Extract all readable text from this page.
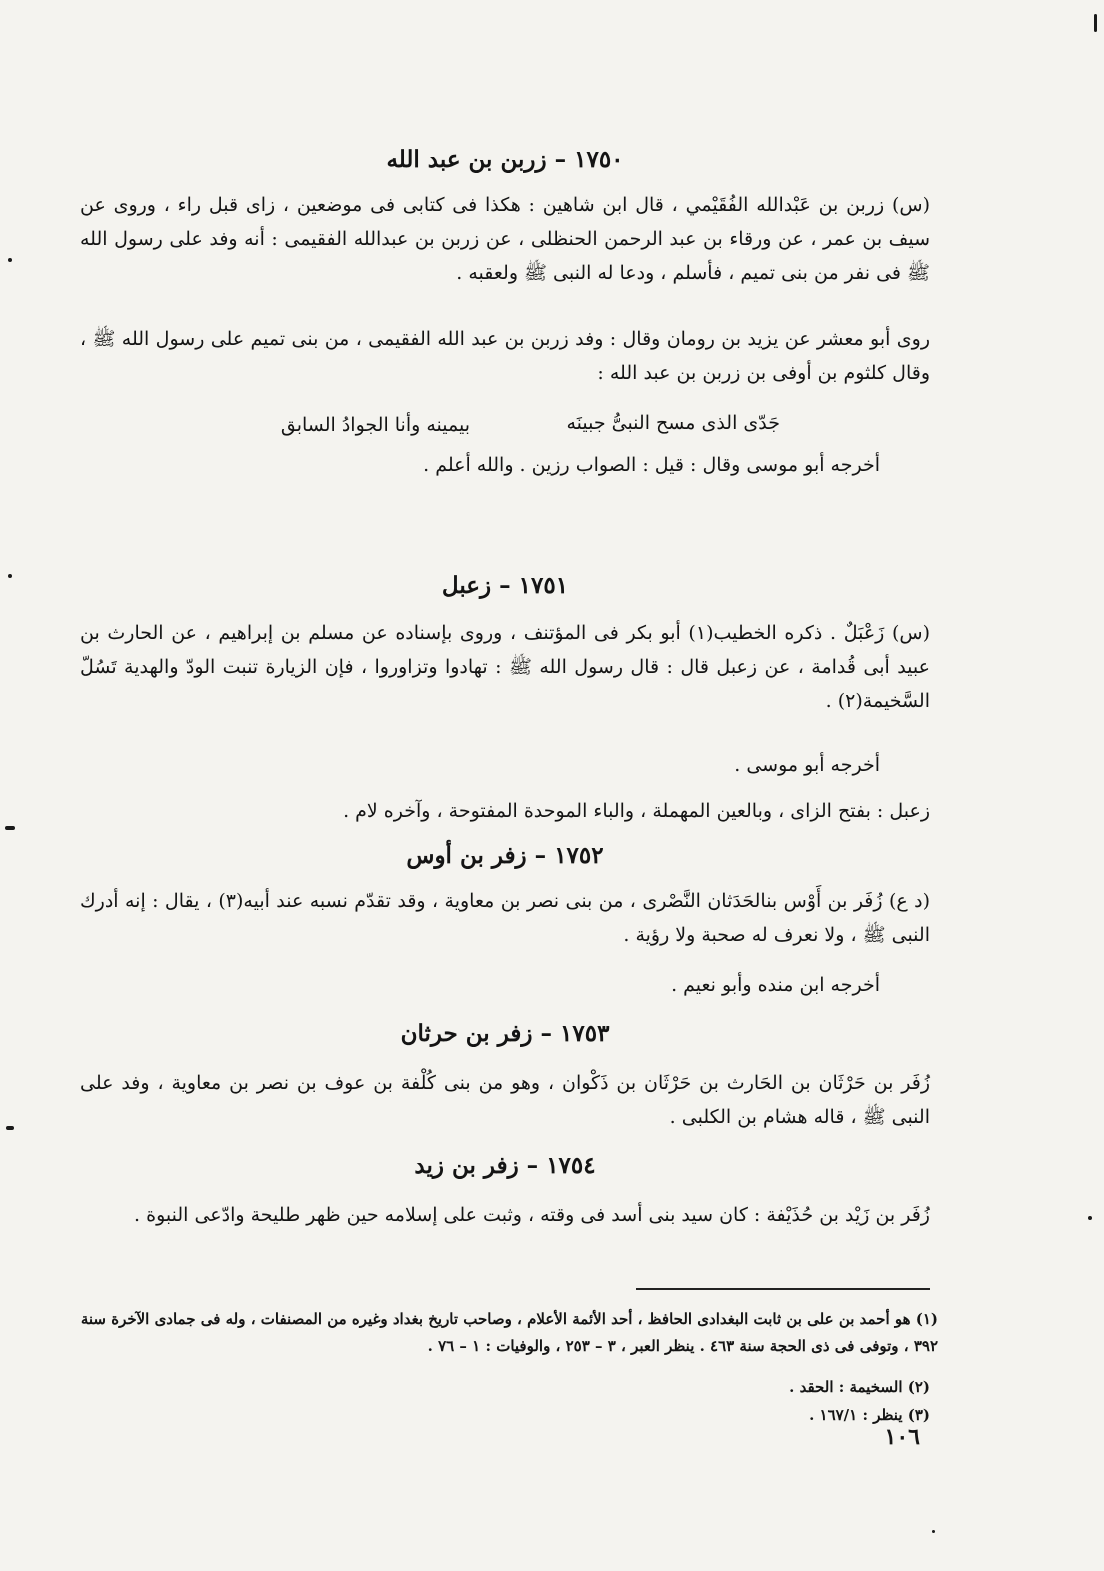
١٧٥٠ – زربن بن عبد الله
(س) زربن بن عَبْدالله الفُقَيْمي ، قال ابن شاهين : هكذا فى كتابى فى موضعين ، زاى قبل راء ، وروى عن سيف بن عمر ، عن ورقاء بن عبد الرحمن الحنظلى ، عن زربن بن عبدالله الفقيمى : أنه وفد على رسول الله ﷺ فى نفر من بنى تميم ، فأسلم ، ودعا له النبى ﷺ ولعقبه .
روى أبو معشر عن يزيد بن رومان وقال : وفد زربن بن عبد الله الفقيمى ، من بنى تميم على رسول الله ﷺ ، وقال كلثوم بن أوفى بن زربن بن عبد الله :
جَدّى الذى مسح النبىُّ جبينَه
بيمينه وأنا الجوادُ السابق
أخرجه أبو موسى وقال : قيل : الصواب رزين . والله أعلم .
١٧٥١ – زعبل
(س) زَعْبَلٌ . ذكره الخطيب(١) أبو بكر فى المؤتنف ، وروى بإسناده عن مسلم بن إبراهيم ، عن الحارث بن عبيد أبى قُدامة ، عن زعبل قال : قال رسول الله ﷺ : تهادوا وتزاوروا ، فإن الزيارة تنبت الودّ والهدية تَسُلّ السَّخيمة(٢) .
أخرجه أبو موسى .
زعبل : بفتح الزاى ، وبالعين المهملة ، والباء الموحدة المفتوحة ، وآخره لام .
١٧٥٢ – زفر بن أوس
(د ع) زُفَر بن أَوْس بنالحَدَثان النَّصْرى ، من بنى نصر بن معاوية ، وقد تقدّم نسبه عند أبيه(٣) ، يقال : إنه أدرك النبى ﷺ ، ولا نعرف له صحبة ولا رؤية .
أخرجه ابن منده وأبو نعيم .
١٧٥٣ – زفر بن حرثان
زُفَر بن حَرْثَان بن الحَارث بن حَرْثَان بن ذَكْوان ، وهو من بنى كُلْفة بن عوف بن نصر بن معاوية ، وفد على النبى ﷺ ، قاله هشام بن الكلبى .
١٧٥٤ – زفر بن زيد
زُفَر بن زَيْد بن حُذَيْفة : كان سيد بنى أسد فى وقته ، وثبت على إسلامه حين ظهر طليحة وادّعى النبوة .
(١) هو أحمد بن على بن ثابت البغدادى الحافظ ، أحد الأئمة الأعلام ، وصاحب تاريخ بغداد وغيره من المصنفات ، وله فى جمادى الآخرة سنة ٣٩٢ ، وتوفى فى ذى الحجة سنة ٤٦٣ . ينظر العبر ، ٣ – ٢٥٣ ، والوفيات : ١ – ٧٦ .
(٢) السخيمة : الحقد .
(٣) ينظر : ١٦٧/١ .
١٠٦
